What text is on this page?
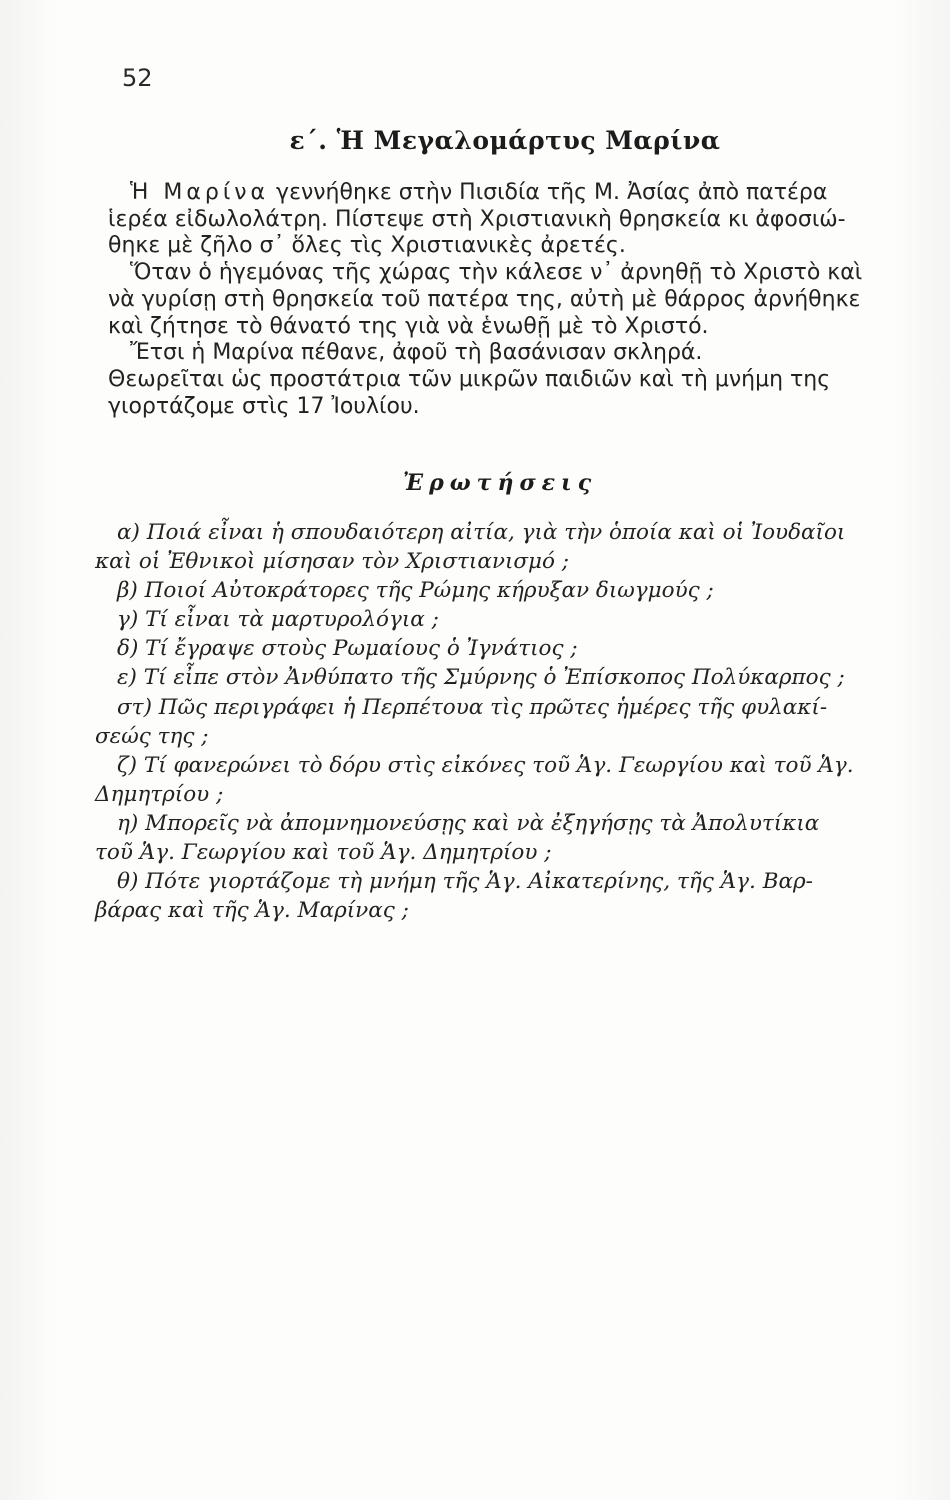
52
ε΄. Ἡ Μεγαλομάρτυς Μαρίνα
Ἡ Μαρίνα γεννήθηκε στὴν Πισιδία τῆς Μ. Ἀσίας ἀπὸ πατέρα
ἱερέα εἰδωλολάτρη. Πίστεψε στὴ Χριστιανικὴ θρησκεία κι ἀφοσιώ-
θηκε μὲ ζῆλο σ᾿ ὅλες τὶς Χριστιανικὲς ἀρετές.
Ὅταν ὁ ἡγεμόνας τῆς χώρας τὴν κάλεσε ν᾿ ἀρνηθῇ τὸ Χριστὸ καὶ
νὰ γυρίσῃ στὴ θρησκεία τοῦ πατέρα της, αὐτὴ μὲ θάρρος ἀρνήθηκε
καὶ ζήτησε τὸ θάνατό της γιὰ νὰ ἑνωθῇ μὲ τὸ Χριστό.
Ἔτσι ἡ Μαρίνα πέθανε, ἀφοῦ τὴ βασάνισαν σκληρά.
Θεωρεῖται ὡς προστάτρια τῶν μικρῶν παιδιῶν καὶ τὴ μνήμη της
γιορτάζομε στὶς 17 Ἰουλίου.
Ἐρωτήσεις
α) Ποιά εἶναι ἡ σπουδαιότερη αἰτία, γιὰ τὴν ὁποία καὶ οἱ Ἰουδαῖοι
καὶ οἱ Ἐθνικοὶ μίσησαν τὸν Χριστιανισμό ;
β) Ποιοί Αὐτοκράτορες τῆς Ρώμης κήρυξαν διωγμούς ;
γ) Τί εἶναι τὰ μαρτυρολόγια ;
δ) Τί ἔγραψε στοὺς Ρωμαίους ὁ Ἰγνάτιος ;
ε) Τί εἶπε στὸν Ἀνθύπατο τῆς Σμύρνης ὁ Ἐπίσκοπος Πολύκαρπος ;
στ) Πῶς περιγράφει ἡ Περπέτουα τὶς πρῶτες ἡμέρες τῆς φυλακί-
σεώς της ;
ζ) Τί φανερώνει τὸ δόρυ στὶς εἰκόνες τοῦ Ἁγ. Γεωργίου καὶ τοῦ Ἁγ.
Δημητρίου ;
η) Μπορεῖς νὰ ἀπομνημονεύσῃς καὶ νὰ ἐξηγήσῃς τὰ Ἀπολυτίκια
τοῦ Ἁγ. Γεωργίου καὶ τοῦ Ἁγ. Δημητρίου ;
θ) Πότε γιορτάζομε τὴ μνήμη τῆς Ἁγ. Αἰκατερίνης, τῆς Ἁγ. Βαρ-
βάρας καὶ τῆς Ἁγ. Μαρίνας ;
